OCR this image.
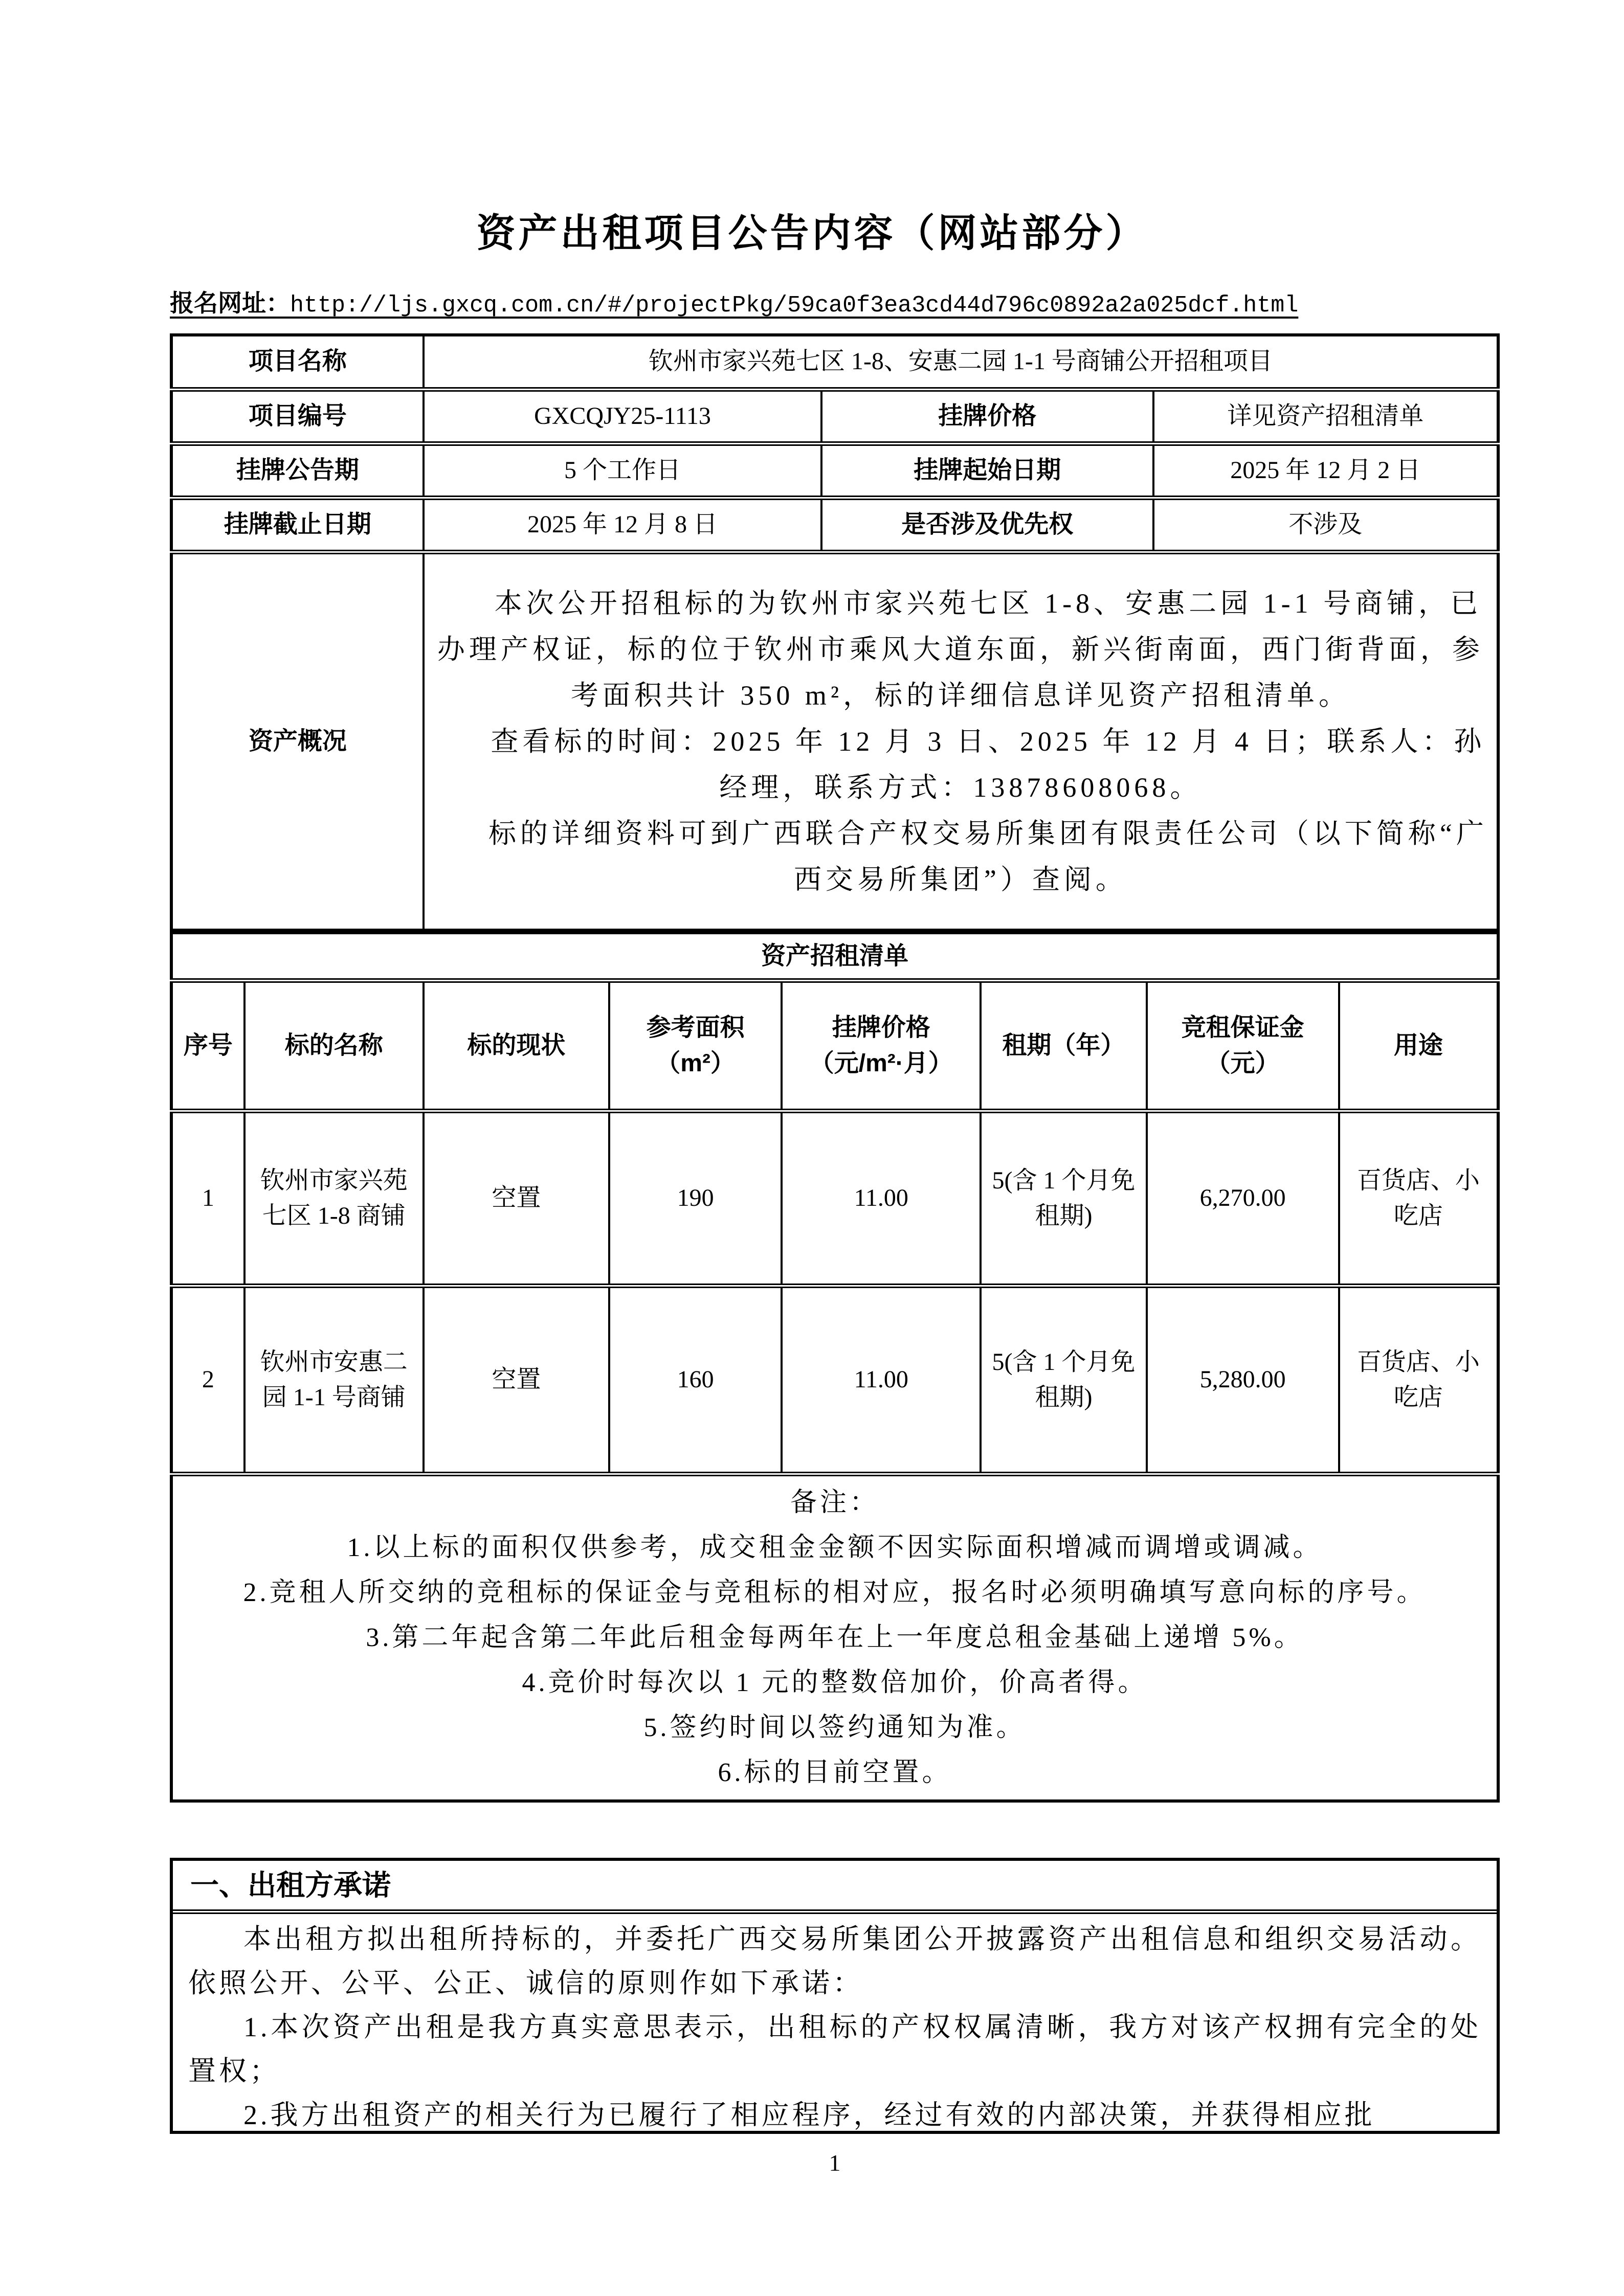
资产出租项目公告内容（网站部分）
报名网址：http://ljs.gxcq.com.cn/#/projectPkg/59ca0f3ea3cd44d796c0892a2a025dcf.html
项目名称	钦州市家兴苑七区 1-8、安惠二园 1-1 号商铺公开招租项目		
项目编号	GXCQJY25-1113	挂牌价格	详见资产招租清单
挂牌公告期	5 个工作日	挂牌起始日期	2025 年 12 月 2 日
挂牌截止日期	2025 年 12 月 8 日	是否涉及优先权	不涉及
资产概况	本次公开招租标的为钦州市家兴苑七区 1-8、安惠二园 1-1 号商铺，已办理产权证，标的位于钦州市乘风大道东面，新兴街南面，西门街背面，参考面积共计 350 m²，标的详细信息详见资产招租清单。

查看标的时间：2025 年 12 月 3 日、2025 年 12 月 4 日；联系人：孙经理，联系方式：13878608068。

标的详细资料可到广西联合产权交易所集团有限责任公司（以下简称“广西交易所集团”）查阅。		

资产招租清单							
序号	标的名称	标的现状	参考面积（m²）	挂牌价格（元/m²·月）	租期（年）	竞租保证金（元）	用途
1	钦州市家兴苑七区 1-8 商铺	空置	190	11.00	5(含 1 个月免租期)	6,270.00	百货店、小吃店
2	钦州市安惠二园 1-1 号商铺	空置	160	11.00	5(含 1 个月免租期)	5,280.00	百货店、小吃店

备注：
1.以上标的面积仅供参考，成交租金金额不因实际面积增减而调增或调减。
2.竞租人所交纳的竞租标的保证金与竞租标的相对应，报名时必须明确填写意向标的序号。
3.第二年起含第二年此后租金每两年在上一年度总租金基础上递增 5%。
4.竞价时每次以 1 元的整数倍加价，价高者得。
5.签约时间以签约通知为准。
6.标的目前空置。
一、出租方承诺

本出租方拟出租所持标的，并委托广西交易所集团公开披露资产出租信息和组织交易活动。依照公开、公平、公正、诚信的原则作如下承诺：

1.本次资产出租是我方真实意思表示，出租标的产权权属清晰，我方对该产权拥有完全的处置权；

2.我方出租资产的相关行为已履行了相应程序，经过有效的内部决策，并获得相应批

1
